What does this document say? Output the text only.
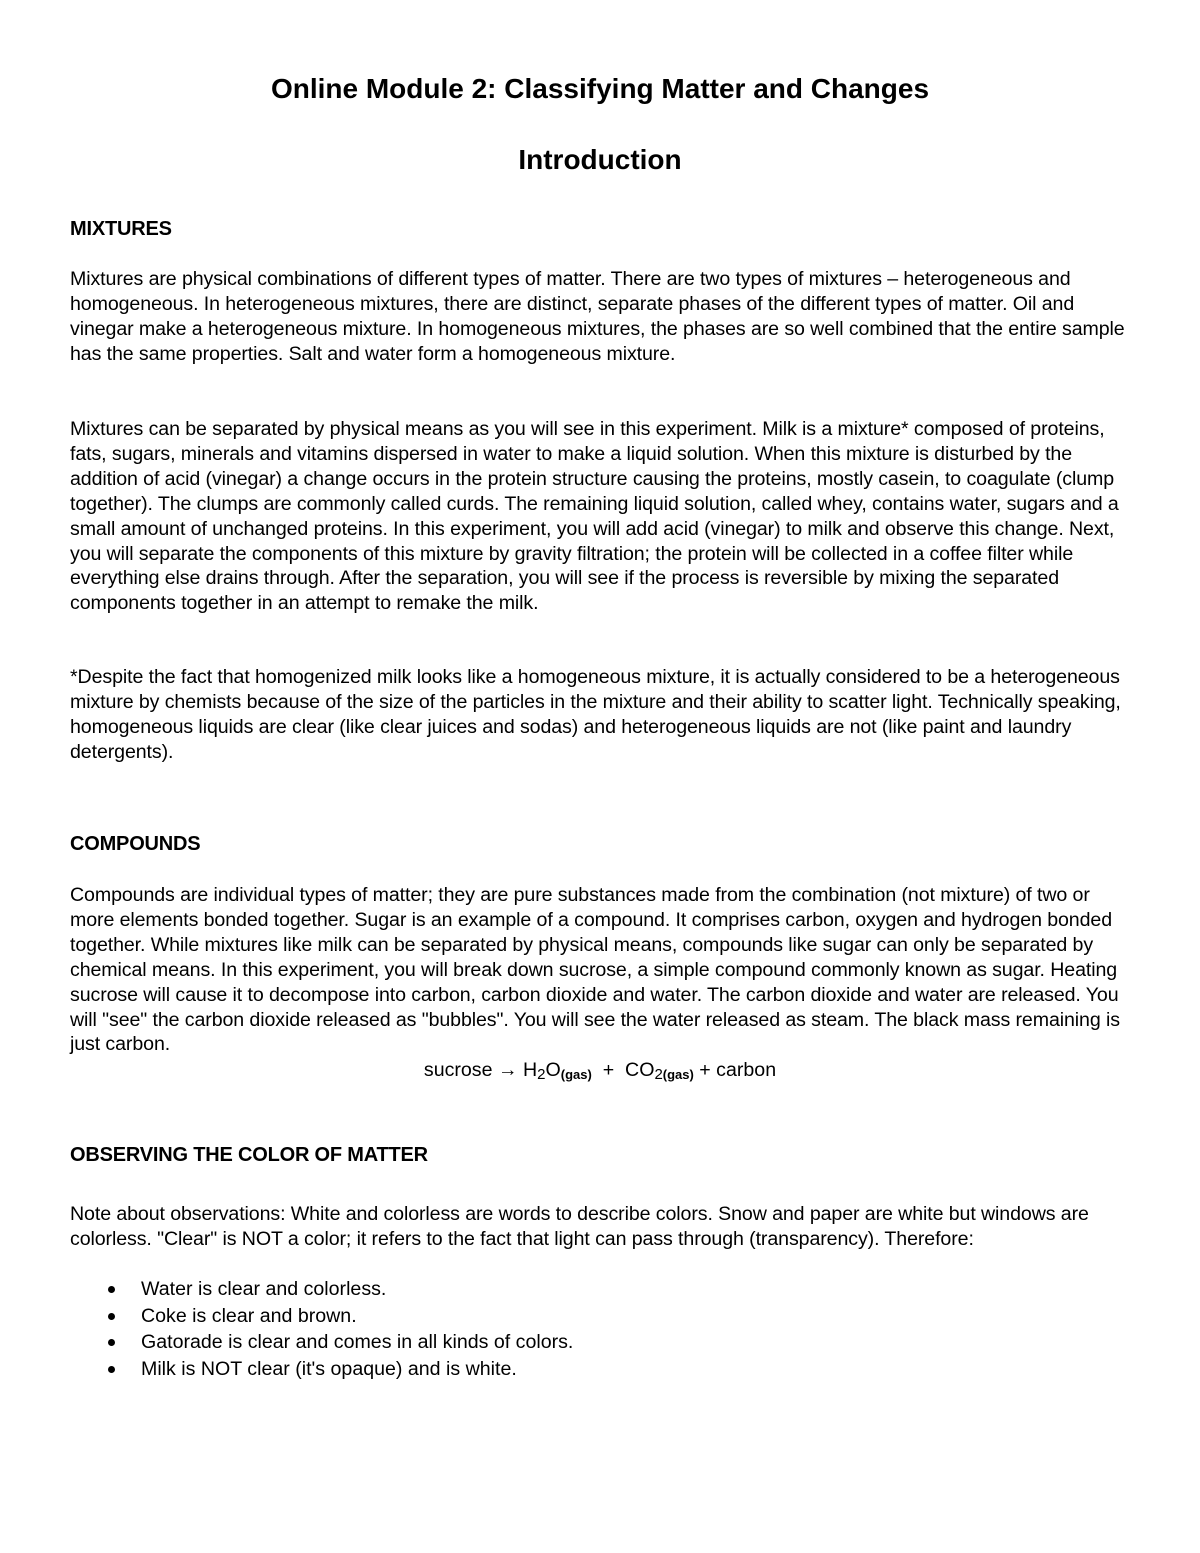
Online Module 2: Classifying Matter and Changes
Introduction
MIXTURES

Mixtures are physical combinations of different types of matter. There are two types of mixtures – heterogeneous and homogeneous. In heterogeneous mixtures, there are distinct, separate phases of the different types of matter. Oil and vinegar make a heterogeneous mixture. In homogeneous mixtures, the phases are so well combined that the entire sample has the same properties. Salt and water form a homogeneous mixture.

Mixtures can be separated by physical means as you will see in this experiment. Milk is a mixture* composed of proteins, fats, sugars, minerals and vitamins dispersed in water to make a liquid solution. When this mixture is disturbed by the addition of acid (vinegar) a change occurs in the protein structure causing the proteins, mostly casein, to coagulate (clump together). The clumps are commonly called curds. The remaining liquid solution, called whey, contains water, sugars and a small amount of unchanged proteins. In this experiment, you will add acid (vinegar) to milk and observe this change. Next, you will separate the components of this mixture by gravity filtration; the protein will be collected in a coffee filter while everything else drains through. After the separation, you will see if the process is reversible by mixing the separated components together in an attempt to remake the milk.

*Despite the fact that homogenized milk looks like a homogeneous mixture, it is actually considered to be a heterogeneous mixture by chemists because of the size of the particles in the mixture and their ability to scatter light. Technically speaking, homogeneous liquids are clear (like clear juices and sodas) and heterogeneous liquids are not (like paint and laundry detergents).

COMPOUNDS

Compounds are individual types of matter; they are pure substances made from the combination (not mixture) of two or more elements bonded together. Sugar is an example of a compound. It comprises carbon, oxygen and hydrogen bonded together. While mixtures like milk can be separated by physical means, compounds like sugar can only be separated by chemical means. In this experiment, you will break down sucrose, a simple compound commonly known as sugar. Heating sucrose will cause it to decompose into carbon, carbon dioxide and water. The carbon dioxide and water are released. You will "see" the carbon dioxide released as "bubbles". You will see the water released as steam. The black mass remaining is just carbon.

sucrose → $H_2O_{(gas)} + CO_{2(gas)}$ + carbon

OBSERVING THE COLOR OF MATTER

Note about observations: White and colorless are words to describe colors. Snow and paper are white but windows are colorless. "Clear" is NOT a color; it refers to the fact that light can pass through (transparency). Therefore:

Water is clear and colorless.
Coke is clear and brown.
Gatorade is clear and comes in all kinds of colors.
Milk is NOT clear (it's opaque) and is white.
